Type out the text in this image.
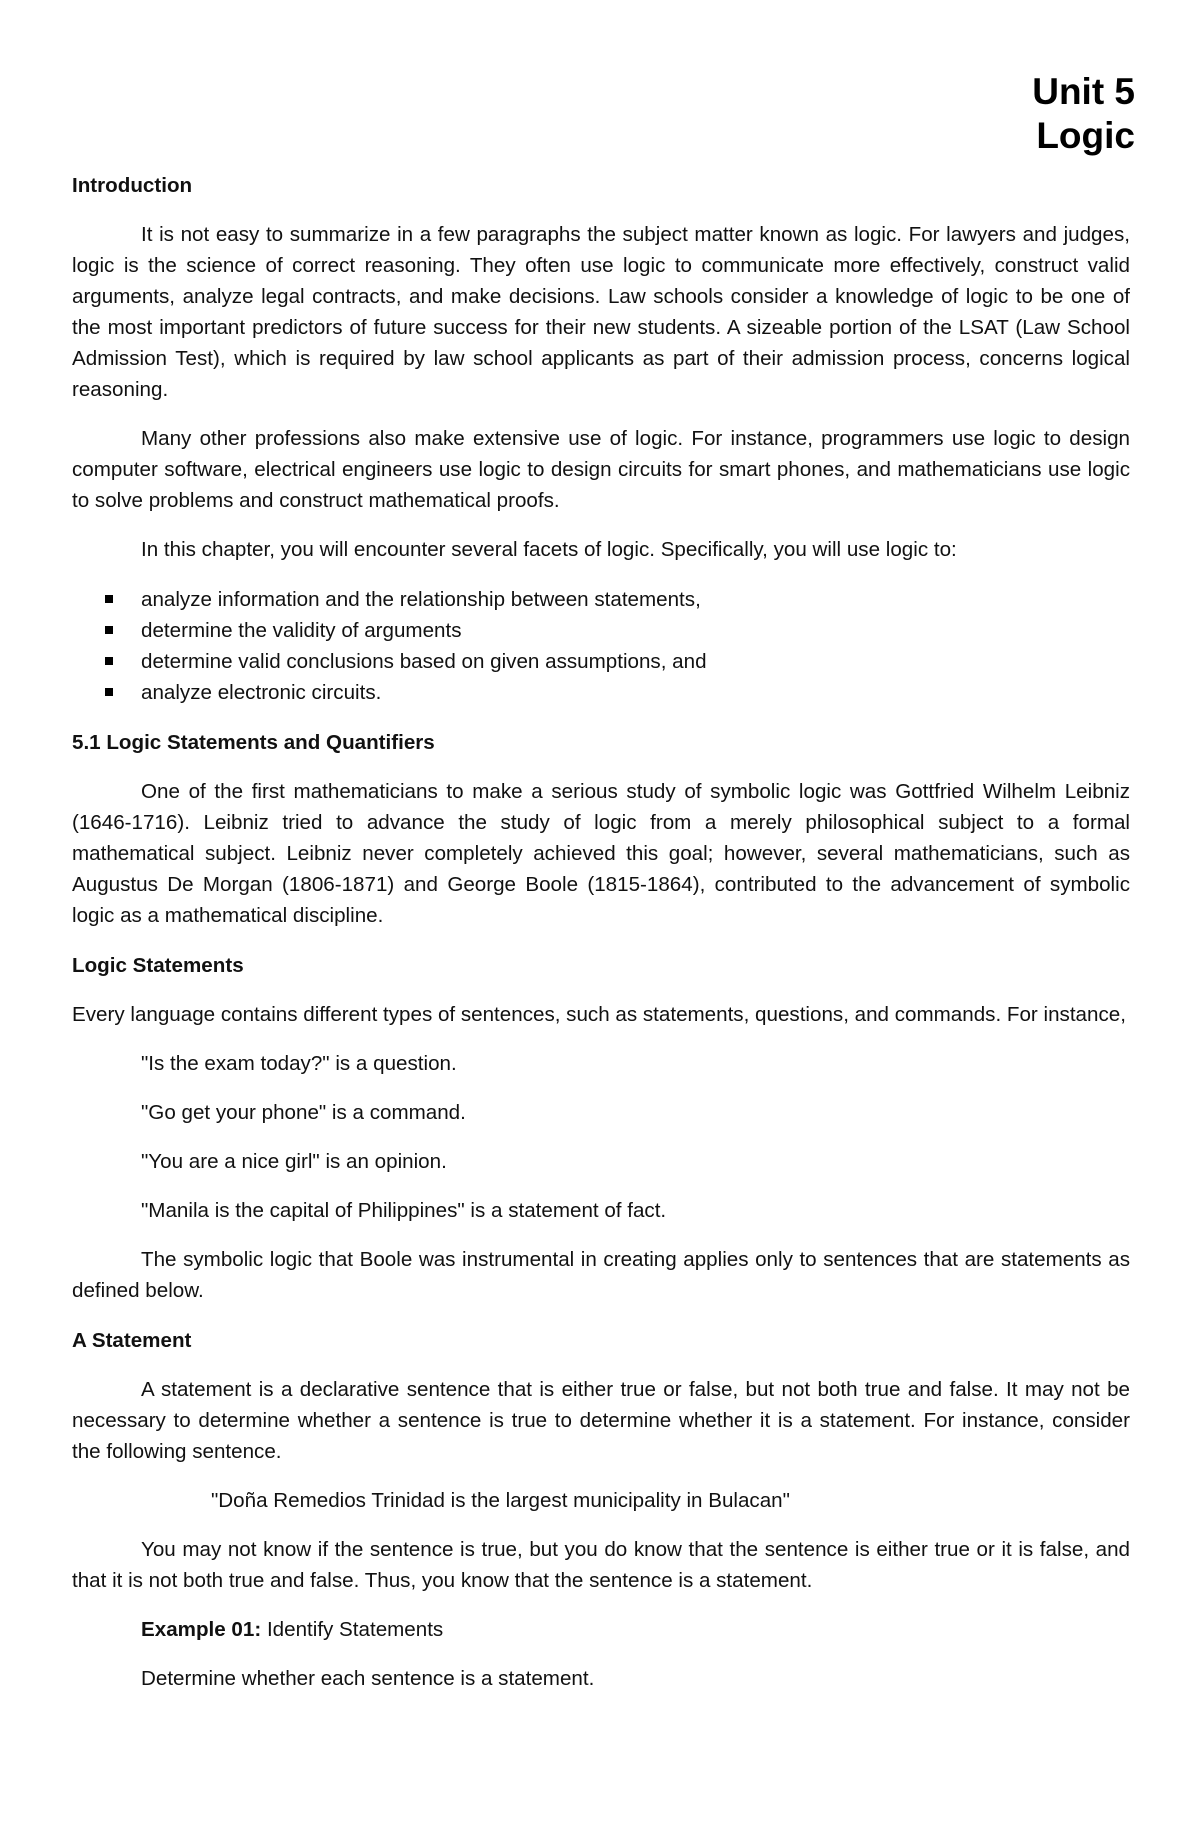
Unit 5
Logic
Introduction

It is not easy to summarize in a few paragraphs the subject matter known as logic. For lawyers and judges, logic is the science of correct reasoning. They often use logic to communicate more effectively, construct valid arguments, analyze legal contracts, and make decisions. Law schools consider a knowledge of logic to be one of the most important predictors of future success for their new students. A sizeable portion of the LSAT (Law School Admission Test), which is required by law school applicants as part of their admission process, concerns logical reasoning.

Many other professions also make extensive use of logic. For instance, programmers use logic to design computer software, electrical engineers use logic to design circuits for smart phones, and mathematicians use logic to solve problems and construct mathematical proofs.

In this chapter, you will encounter several facets of logic. Specifically, you will use logic to:

analyze information and the relationship between statements,
determine the validity of arguments
determine valid conclusions based on given assumptions, and
analyze electronic circuits.
5.1 Logic Statements and Quantifiers

One of the first mathematicians to make a serious study of symbolic logic was Gottfried Wilhelm Leibniz (1646-1716). Leibniz tried to advance the study of logic from a merely philosophical subject to a formal mathematical subject. Leibniz never completely achieved this goal; however, several mathematicians, such as Augustus De Morgan (1806-1871) and George Boole (1815-1864), contributed to the advancement of symbolic logic as a mathematical discipline.

Logic Statements

Every language contains different types of sentences, such as statements, questions, and commands. For instance,

"Is the exam today?" is a question.

"Go get your phone" is a command.

"You are a nice girl" is an opinion.

"Manila is the capital of Philippines" is a statement of fact.

The symbolic logic that Boole was instrumental in creating applies only to sentences that are statements as defined below.

A Statement

A statement is a declarative sentence that is either true or false, but not both true and false. It may not be necessary to determine whether a sentence is true to determine whether it is a statement. For instance, consider the following sentence.

"Doña Remedios Trinidad is the largest municipality in Bulacan"

You may not know if the sentence is true, but you do know that the sentence is either true or it is false, and that it is not both true and false. Thus, you know that the sentence is a statement.

Example 01: Identify Statements

Determine whether each sentence is a statement.
